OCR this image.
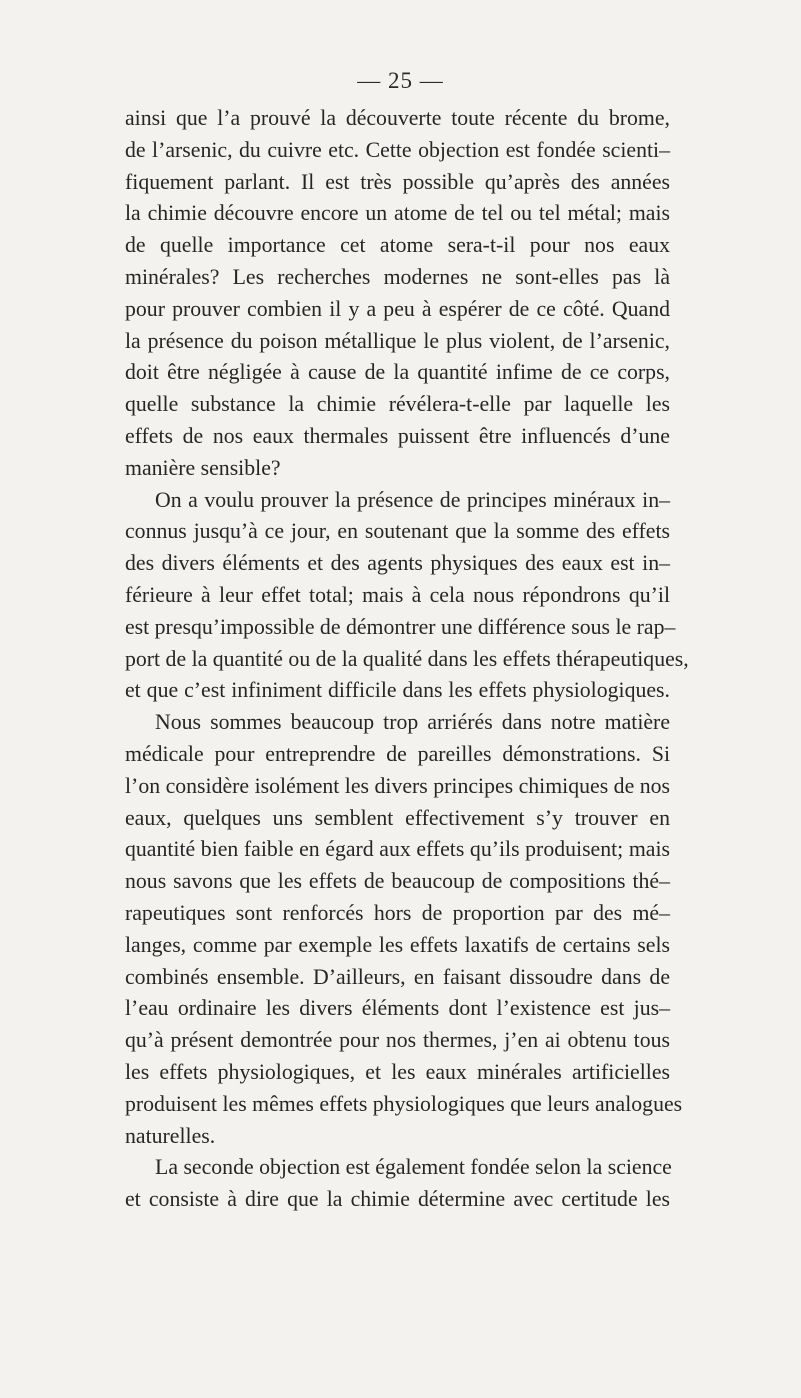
— 25 —
ainsi que l’a prouvé la découverte toute récente du brome,
de l’arsenic, du cuivre etc. Cette objection est fondée scienti–
fiquement parlant. Il est très possible qu’après des années
la chimie découvre encore un atome de tel ou tel métal; mais
de quelle importance cet atome sera-t-il pour nos eaux
minérales? Les recherches modernes ne sont-elles pas là
pour prouver combien il y a peu à espérer de ce côté. Quand
la présence du poison métallique le plus violent, de l’arsenic,
doit être négligée à cause de la quantité infime de ce corps,
quelle substance la chimie révélera-t-elle par laquelle les
effets de nos eaux thermales puissent être influencés d’une
manière sensible?
On a voulu prouver la présence de principes minéraux in–
connus jusqu’à ce jour, en soutenant que la somme des effets
des divers éléments et des agents physiques des eaux est in–
férieure à leur effet total; mais à cela nous répondrons qu’il
est presqu’impossible de démontrer une différence sous le rap–
port de la quantité ou de la qualité dans les effets thérapeutiques,
et que c’est infiniment difficile dans les effets physiologiques.
Nous sommes beaucoup trop arriérés dans notre matière
médicale pour entreprendre de pareilles démonstrations. Si
l’on considère isolément les divers principes chimiques de nos
eaux, quelques uns semblent effectivement s’y trouver en
quantité bien faible en égard aux effets qu’ils produisent; mais
nous savons que les effets de beaucoup de compositions thé–
rapeutiques sont renforcés hors de proportion par des mé–
langes, comme par exemple les effets laxatifs de certains sels
combinés ensemble. D’ailleurs, en faisant dissoudre dans de
l’eau ordinaire les divers éléments dont l’existence est jus–
qu’à présent demontrée pour nos thermes, j’en ai obtenu tous
les effets physiologiques, et les eaux minérales artificielles
produisent les mêmes effets physiologiques que leurs analogues
naturelles.
La seconde objection est également fondée selon la science
et consiste à dire que la chimie détermine avec certitude les
